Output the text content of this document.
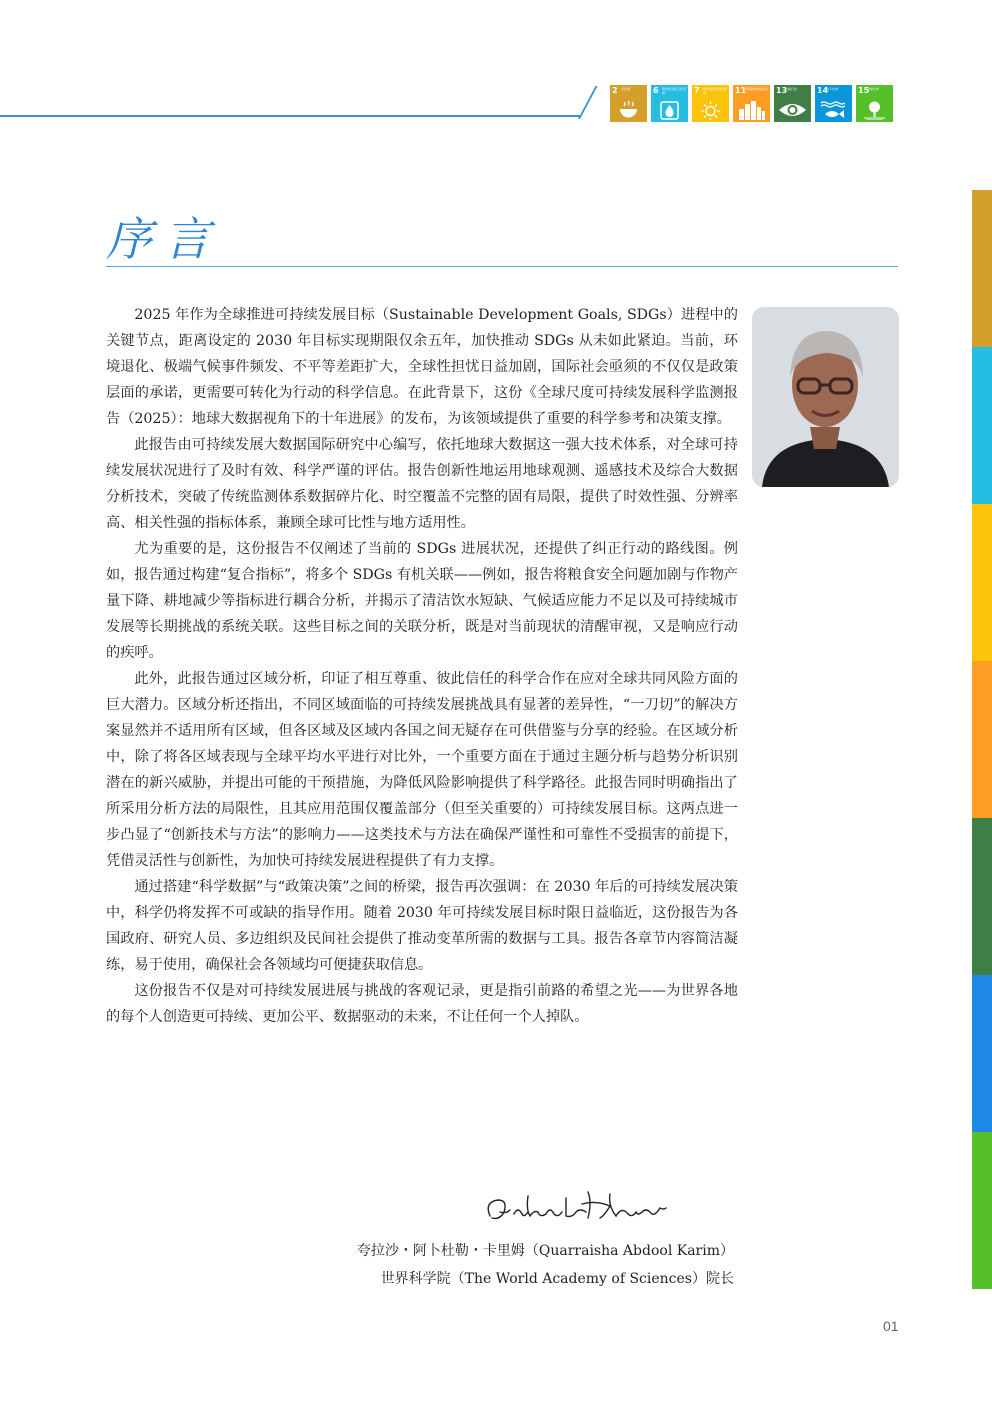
2 零饥饿	6 清洁饮水和卫生设施	7 经济适用的清洁能源	11
可持续城市和社区 13
气候行动	14
水下生物	15
陆地生物
序言

2025 年作为全球推进可持续发展目标（Sustainable Development Goals, SDGs）进程中的关键节点，距离设定的 2030 年目标实现期限仅余五年，加快推动 SDGs 从未如此紧迫。当前，环境退化、极端气候事件频发、不平等差距扩大，全球性担忧日益加剧，国际社会亟须的不仅仅是政策层面的承诺，更需要可转化为行动的科学信息。在此背景下，这份《全球尺度可持续发展科学监测报告（2025）：地球大数据视角下的十年进展》的发布，为该领域提供了重要的科学参考和决策支撑。

此报告由可持续发展大数据国际研究中心编写，依托地球大数据这一强大技术体系，对全球可持续发展状况进行了及时有效、科学严谨的评估。报告创新性地运用地球观测、遥感技术及综合大数据分析技术，突破了传统监测体系数据碎片化、时空覆盖不完整的固有局限，提供了时效性强、分辨率高、相关性强的指标体系，兼顾全球可比性与地方适用性。

尤为重要的是，这份报告不仅阐述了当前的 SDGs 进展状况，还提供了纠正行动的路线图。例如，报告通过构建“复合指标”，将多个 SDGs 有机关联——例如，报告将粮食安全问题加剧与作物产量下降、耕地减少等指标进行耦合分析，并揭示了清洁饮水短缺、气候适应能力不足以及可持续城市发展等长期挑战的系统关联。这些目标之间的关联分析，既是对当前现状的清醒审视，又是响应行动的疾呼。

此外，此报告通过区域分析，印证了相互尊重、彼此信任的科学合作在应对全球共同风险方面的巨大潜力。区域分析还指出，不同区域面临的可持续发展挑战具有显著的差异性，“一刀切”的解决方案显然并不适用所有区域，但各区域及区域内各国之间无疑存在可供借鉴与分享的经验。在区域分析中，除了将各区域表现与全球平均水平进行对比外，一个重要方面在于通过主题分析与趋势分析识别潜在的新兴威胁，并提出可能的干预措施，为降低风险影响提供了科学路径。此报告同时明确指出了所采用分析方法的局限性，且其应用范围仅覆盖部分（但至关重要的）可持续发展目标。这两点进一步凸显了“创新技术与方法”的影响力——这类技术与方法在确保严谨性和可靠性不受损害的前提下，凭借灵活性与创新性，为加快可持续发展进程提供了有力支撑。

通过搭建“科学数据”与“政策决策”之间的桥梁，报告再次强调：在 2030 年后的可持续发展决策中，科学仍将发挥不可或缺的指导作用。随着 2030 年可持续发展目标时限日益临近，这份报告为各国政府、研究人员、多边组织及民间社会提供了推动变革所需的数据与工具。报告各章节内容简洁凝练，易于使用，确保社会各领域均可便捷获取信息。

这份报告不仅是对可持续发展进展与挑战的客观记录，更是指引前路的希望之光——为世界各地的每个人创造更可持续、更加公平、数据驱动的未来，不让任何一个人掉队。

夸拉沙・阿卜杜勒・卡里姆（Quarraisha Abdool Karim）
世界科学院（The World Academy of Sciences）院长
01
